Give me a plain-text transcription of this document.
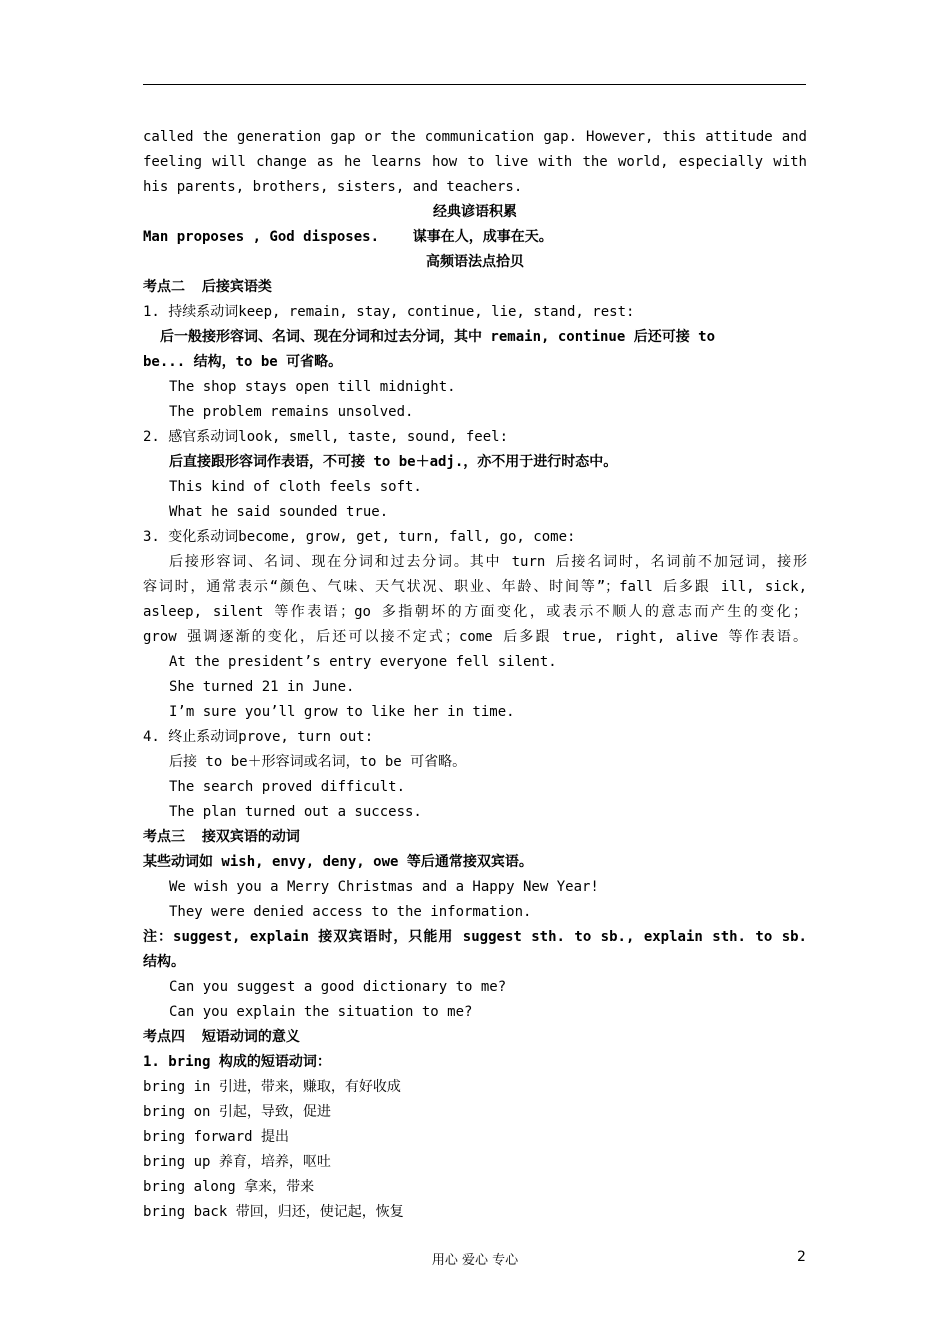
called the generation gap or the communication gap. However, this attitude and
feeling will change as he learns how to live with the world, especially with
his parents, brothers, sisters, and teachers.
经典谚语积累
Man proposes , God disposes. 谋事在人，成事在天。
高频语法点拾贝
考点二  后接宾语类
1. 持续系动词keep, remain, stay, continue, lie, stand, rest:
后一般接形容词、名词、现在分词和过去分词，其中 remain, continue 后还可接 to
be... 结构，to be 可省略。
The shop stays open till midnight.
The problem remains unsolved.
2. 感官系动词look, smell, taste, sound, feel:
后直接跟形容词作表语，不可接 to be＋adj.，亦不用于进行时态中。
This kind of cloth feels soft.
What he said sounded true.
3. 变化系动词become, grow, get, turn, fall, go, come:
后接形容词、名词、现在分词和过去分词。其中 turn 后接名词时，名词前不加冠词，接形
容词时，通常表示“颜色、气味、天气状况、职业、年龄、时间等”；fall 后多跟 ill, sick,
asleep, silent 等作表语；go 多指朝坏的方面变化，或表示不顺人的意志而产生的变化；
grow 强调逐渐的变化，后还可以接不定式；come 后多跟 true, right, alive 等作表语。
At the president’s entry everyone fell silent.
She turned 21 in June.
I’m sure you’ll grow to like her in time.
4. 终止系动词prove, turn out:
后接 to be＋形容词或名词，to be 可省略。
The search proved difficult.
The plan turned out a success.
考点三  接双宾语的动词
某些动词如 wish, envy, deny, owe 等后通常接双宾语。
We wish you a Merry Christmas and a Happy New Year!
They were denied access to the information.
注：suggest, explain 接双宾语时，只能用 suggest sth. to sb., explain sth. to sb.
结构。
Can you suggest a good dictionary to me?
Can you explain the situation to me?
考点四  短语动词的意义
1. bring 构成的短语动词：
bring in 引进，带来，赚取，有好收成
bring on 引起，导致，促进
bring forward 提出
bring up 养育，培养，呕吐
bring along 拿来，带来
bring back 带回，归还，使记起，恢复
用心 爱心 专心	2
